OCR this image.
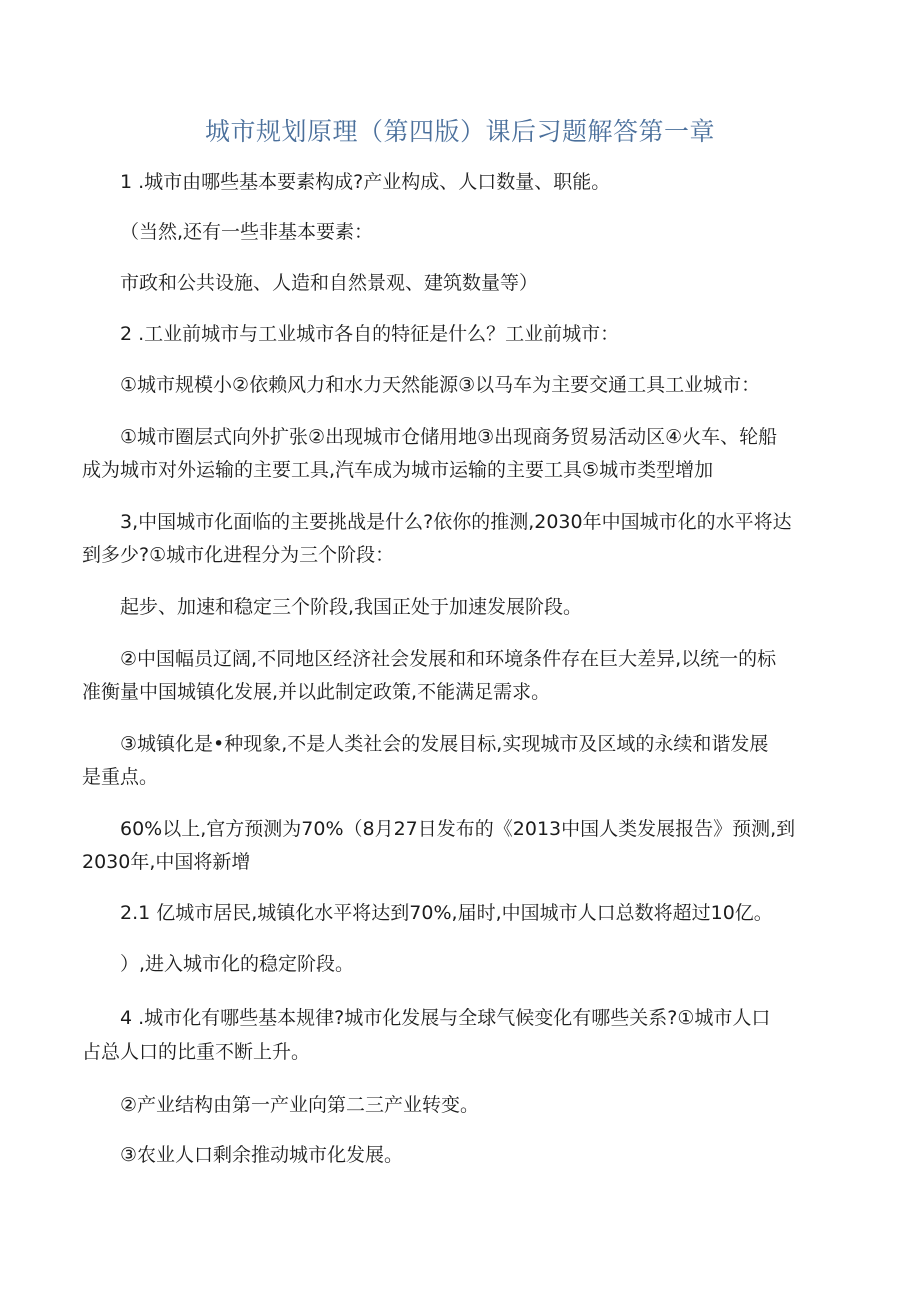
城市规划原理（第四版）课后习题解答第一章
1 .城市由哪些基本要素构成?产业构成、人口数量、职能。
（当然,还有一些非基本要素：
市政和公共设施、人造和自然景观、建筑数量等）
2 .工业前城市与工业城市各自的特征是什么？工业前城市：
①城市规模小②依赖风力和水力天然能源③以马车为主要交通工具工业城市：
①城市圈层式向外扩张②出现城市仓储用地③出现商务贸易活动区④火车、轮船
成为城市对外运输的主要工具,汽车成为城市运输的主要工具⑤城市类型增加
3,中国城市化面临的主要挑战是什么?依你的推测,2030年中国城市化的水平将达
到多少?①城市化进程分为三个阶段：
起步、加速和稳定三个阶段,我国正处于加速发展阶段。
②中国幅员辽阔,不同地区经济社会发展和和环境条件存在巨大差异,以统一的标
准衡量中国城镇化发展,并以此制定政策,不能满足需求。
③城镇化是•种现象,不是人类社会的发展目标,实现城市及区域的永续和谐发展
是重点。
60%以上,官方预测为70%（8月27日发布的《2013中国人类发展报告》预测,到
2030年,中国将新增
2.1 亿城市居民,城镇化水平将达到70%,届时,中国城市人口总数将超过10亿。
）,进入城市化的稳定阶段。
4 .城市化有哪些基本规律?城市化发展与全球气候变化有哪些关系?①城市人口
占总人口的比重不断上升。
②产业结构由第一产业向第二三产业转变。
③农业人口剩余推动城市化发展。
